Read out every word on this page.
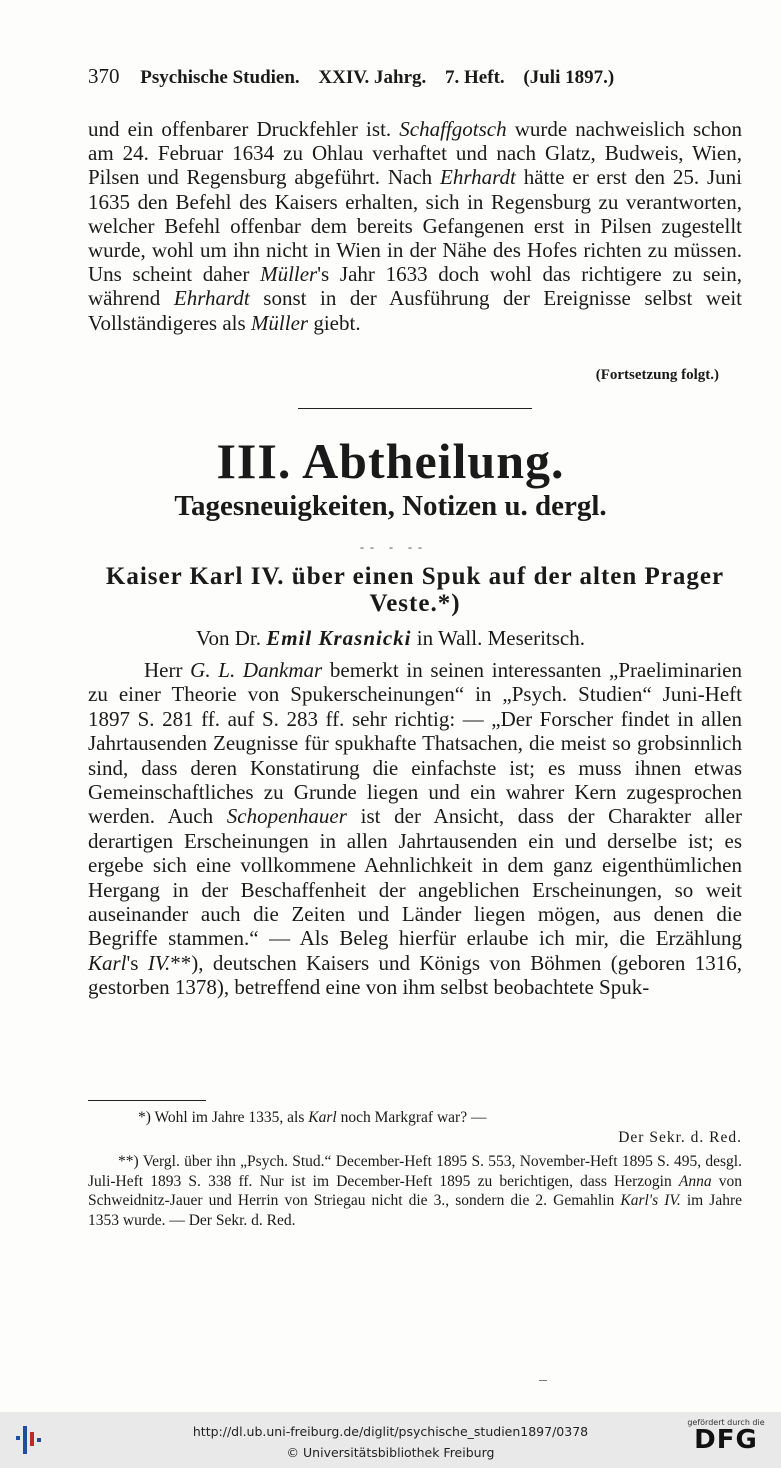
370 Psychische Studien. XXIV. Jahrg. 7. Heft. (Juli 1897.)

und ein offenbarer Druckfehler ist. Schaffgotsch wurde nachweislich schon am 24. Februar 1634 zu Ohlau verhaftet und nach Glatz, Budweis, Wien, Pilsen und Regensburg abgeführt. Nach Ehrhardt hätte er erst den 25. Juni 1635 den Befehl des Kaisers erhalten, sich in Regensburg zu verantworten, welcher Befehl offenbar dem bereits Gefangenen erst in Pilsen zugestellt wurde, wohl um ihn nicht in Wien in der Nähe des Hofes richten zu müssen. Uns scheint daher Müller's Jahr 1633 doch wohl das richtigere zu sein, während Ehrhardt sonst in der Ausführung der Ereignisse selbst weit Vollständigeres als Müller giebt.

(Fortsetzung folgt.)
III. Abtheilung.
Tagesneuigkeiten, Notizen u. dergl.
-- - --
Kaiser Karl IV. über einen Spuk auf der alten Prager Veste.*)
Von Dr. Emil Krasnicki in Wall. Meseritsch.

Herr G. L. Dankmar bemerkt in seinen interessanten „Praeliminarien zu einer Theorie von Spukerscheinungen“ in „Psych. Studien“ Juni-Heft 1897 S. 281 ff. auf S. 283 ff. sehr richtig: — „Der Forscher findet in allen Jahrtausenden Zeugnisse für spukhafte Thatsachen, die meist so grobsinnlich sind, dass deren Konstatirung die einfachste ist; es muss ihnen etwas Gemeinschaftliches zu Grunde liegen und ein wahrer Kern zugesprochen werden. Auch Schopenhauer ist der Ansicht, dass der Charakter aller derartigen Erscheinungen in allen Jahrtausenden ein und derselbe ist; es ergebe sich eine vollkommene Aehnlichkeit in dem ganz eigenthümlichen Hergang in der Beschaffenheit der angeblichen Erscheinungen, so weit auseinander auch die Zeiten und Länder liegen mögen, aus denen die Begriffe stammen.“ — Als Beleg hierfür erlaube ich mir, die Erzählung Karl's IV.**), deutschen Kaisers und Königs von Böhmen (geboren 1316, gestorben 1378), betreffend eine von ihm selbst beobachtete Spuk-

*) Wohl im Jahre 1335, als Karl noch Markgraf war? —

Der Sekr. d. Red.

**) Vergl. über ihn „Psych. Stud.“ December-Heft 1895 S. 553, November-Heft 1895 S. 495, desgl. Juli-Heft 1893 S. 338 ff. Nur ist im December-Heft 1895 zu berichtigen, dass Herzogin Anna von Schweidnitz-Jauer und Herrin von Striegau nicht die 3., sondern die 2. Gemahlin Karl's IV. im Jahre 1353 wurde. — Der Sekr. d. Red.

http://dl.ub.uni-freiburg.de/diglit/psychische_studien1897/0378
© Universitätsbibliothek Freiburg
gefördert durch die
DFG
